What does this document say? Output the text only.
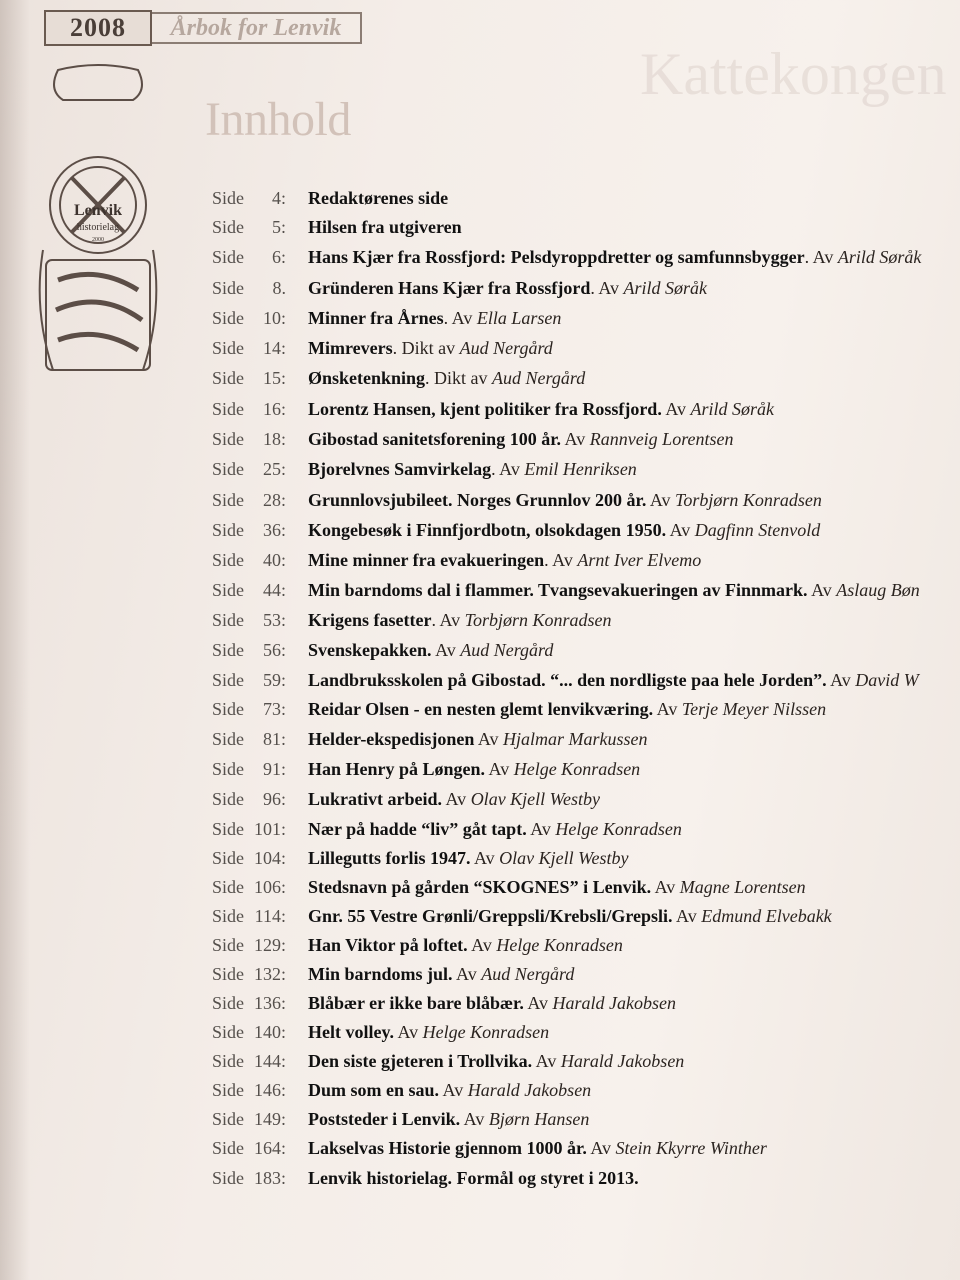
Kattekongen
2008	Årbok for Lenvik
Lenvik
historielag
2000
Innhold
Side	4: Redaktørenes side
Side	5: Hilsen fra utgiveren
Side	6: Hans Kjær fra Rossfjord: Pelsdyroppdretter og samfunnsbygger. Av Arild Søråk
Side	8. Gründeren Hans Kjær fra Rossfjord. Av Arild Søråk
Side	10: Minner fra Årnes. Av Ella Larsen
Side	14: Mimrevers. Dikt av Aud Nergård
Side	15: Ønsketenkning. Dikt av Aud Nergård
Side	16: Lorentz Hansen, kjent politiker fra Rossfjord. Av Arild Søråk
Side	18: Gibostad sanitetsforening 100 år. Av Rannveig Lorentsen
Side	25: Bjorelvnes Samvirkelag. Av Emil Henriksen
Side	28: Grunnlovsjubileet. Norges Grunnlov 200 år. Av Torbjørn Konradsen
Side	36: Kongebesøk i Finnfjordbotn, olsokdagen 1950. Av Dagfinn Stenvold
Side	40: Mine minner fra evakueringen. Av Arnt Iver Elvemo
Side	44: Min barndoms dal i flammer. Tvangsevakueringen av Finnmark. Av Aslaug Bøn
Side	53: Krigens fasetter. Av Torbjørn Konradsen
Side	56: Svenskepakken. Av Aud Nergård
Side	59: Landbruksskolen på Gibostad. “... den nordligste paa hele Jorden”. Av David W
Side	73: Reidar Olsen - en nesten glemt lenvikværing. Av Terje Meyer Nilssen
Side	81: Helder-ekspedisjonen Av Hjalmar Markussen
Side	91: Han Henry på Løngen. Av Helge Konradsen
Side	96: Lukrativt arbeid. Av Olav Kjell Westby
Side 101: Nær på hadde “liv” gåt tapt. Av Helge Konradsen
Side 104: Lillegutts forlis 1947. Av Olav Kjell Westby
Side 106: Stedsnavn på gården “SKOGNES” i Lenvik. Av Magne Lorentsen
Side 114: Gnr. 55 Vestre Grønli/Greppsli/Krebsli/Grepsli. Av Edmund Elvebakk
Side 129: Han Viktor på loftet. Av Helge Konradsen
Side 132: Min barndoms jul. Av Aud Nergård
Side 136: Blåbær er ikke bare blåbær. Av Harald Jakobsen
Side 140: Helt volley. Av Helge Konradsen
Side 144: Den siste gjeteren i Trollvika. Av Harald Jakobsen
Side 146: Dum som en sau. Av Harald Jakobsen
Side 149: Poststeder i Lenvik. Av Bjørn Hansen
Side 164: Lakselvas Historie gjennom 1000 år. Av Stein Kkyrre Winther
Side 183: Lenvik historielag. Formål og styret i 2013.
